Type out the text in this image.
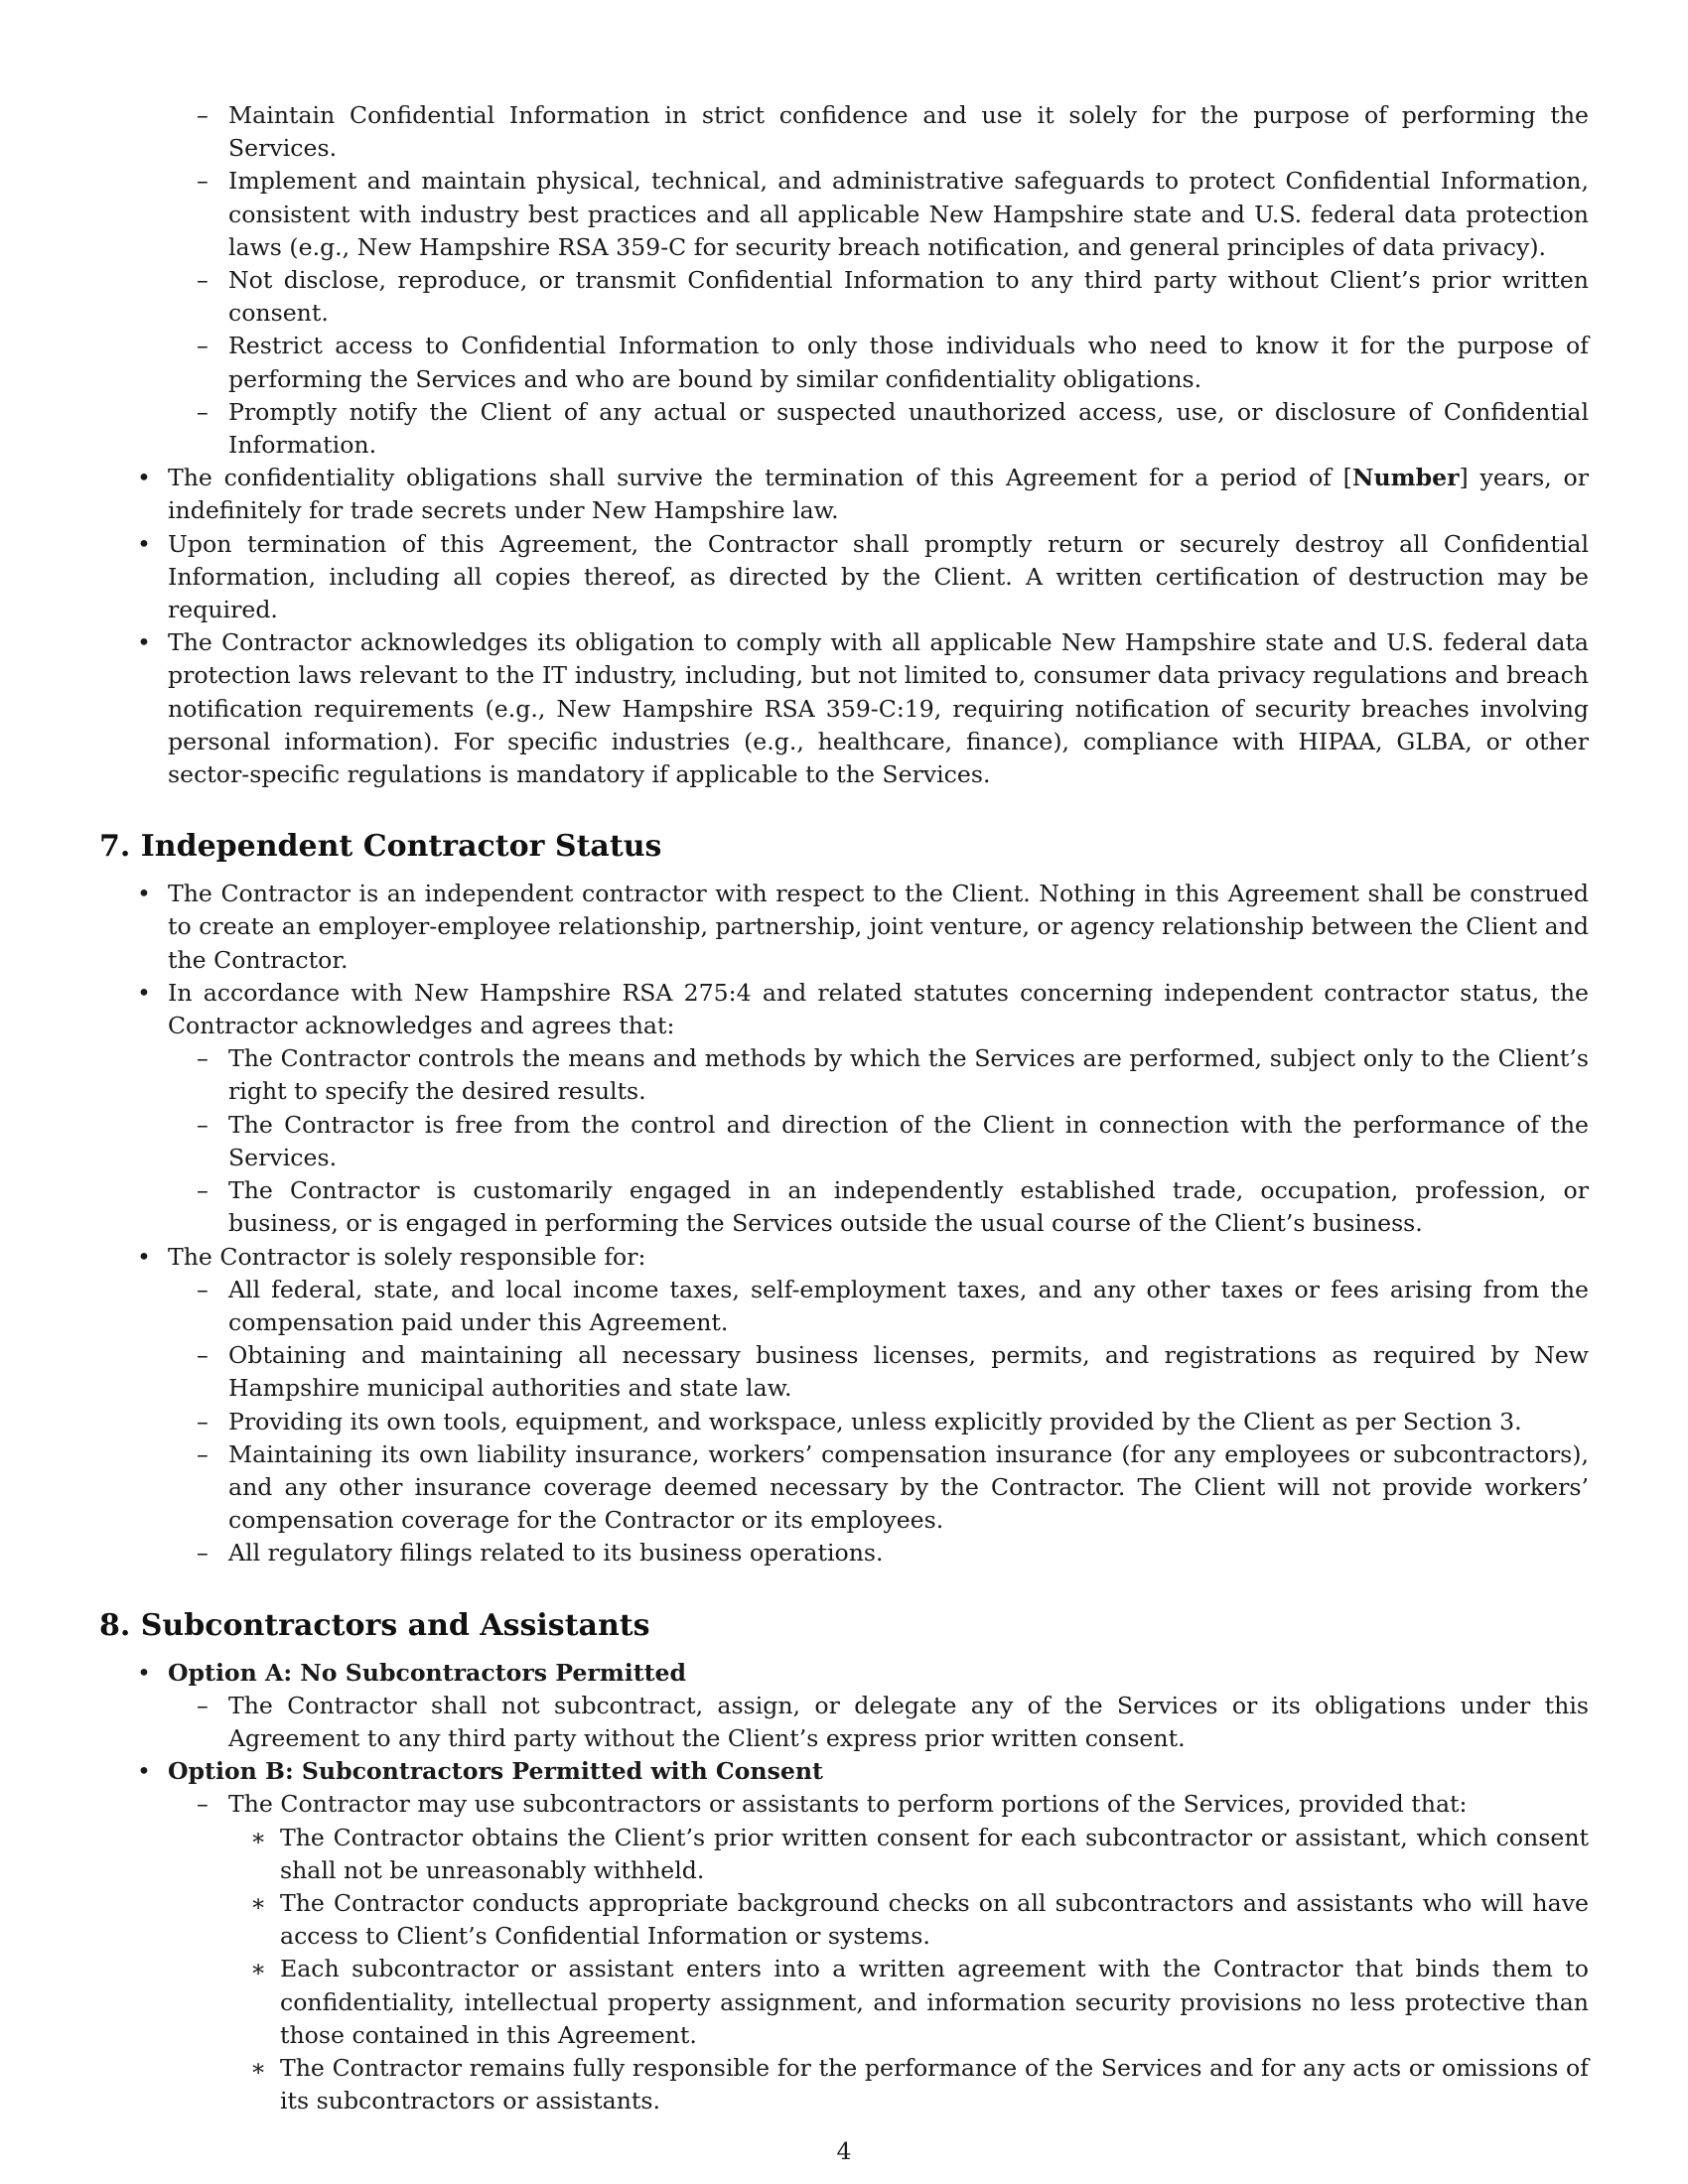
– Maintain Confidential Information in strict confidence and use it solely for the purpose of performing the Services.
– Implement and maintain physical, technical, and administrative safeguards to protect Confidential Information, consistent with industry best practices and all applicable New Hampshire state and U.S. federal data protection laws (e.g., New Hampshire RSA 359-C for security breach notification, and general principles of data privacy).
– Not disclose, reproduce, or transmit Confidential Information to any third party without Client’s prior written consent.
– Restrict access to Confidential Information to only those individuals who need to know it for the purpose of performing the Services and who are bound by similar confidentiality obligations.
– Promptly notify the Client of any actual or suspected unauthorized access, use, or disclosure of Confidential Information.
• The confidentiality obligations shall survive the termination of this Agreement for a period of [Number] years, or indefinitely for trade secrets under New Hampshire law.
• Upon termination of this Agreement, the Contractor shall promptly return or securely destroy all Confidential Information, including all copies thereof, as directed by the Client. A written certification of destruction may be required.
• The Contractor acknowledges its obligation to comply with all applicable New Hampshire state and U.S. federal data protection laws relevant to the IT industry, including, but not limited to, consumer data privacy regulations and breach notification requirements (e.g., New Hampshire RSA 359-C:19, requiring notification of security breaches involving personal information). For specific industries (e.g., healthcare, finance), compliance with HIPAA, GLBA, or other sector-specific regulations is mandatory if applicable to the Services.
7. Independent Contractor Status
• The Contractor is an independent contractor with respect to the Client. Nothing in this Agreement shall be construed to create an employer-employee relationship, partnership, joint venture, or agency relationship between the Client and the Contractor.
• In accordance with New Hampshire RSA 275:4 and related statutes concerning independent contractor status, the Contractor acknowledges and agrees that:
– The Contractor controls the means and methods by which the Services are performed, subject only to the Client’s right to specify the desired results.
– The Contractor is free from the control and direction of the Client in connection with the performance of the Services.
– The Contractor is customarily engaged in an independently established trade, occupation, profession, or business, or is engaged in performing the Services outside the usual course of the Client’s business.
• The Contractor is solely responsible for:
– All federal, state, and local income taxes, self-employment taxes, and any other taxes or fees arising from the compensation paid under this Agreement.
– Obtaining and maintaining all necessary business licenses, permits, and registrations as required by New Hampshire municipal authorities and state law.
– Providing its own tools, equipment, and workspace, unless explicitly provided by the Client as per Section 3.
– Maintaining its own liability insurance, workers’ compensation insurance (for any employees or subcontractors), and any other insurance coverage deemed necessary by the Contractor. The Client will not provide workers’ compensation coverage for the Contractor or its employees.
– All regulatory filings related to its business operations.
8. Subcontractors and Assistants
• Option A: No Subcontractors Permitted
– The Contractor shall not subcontract, assign, or delegate any of the Services or its obligations under this Agreement to any third party without the Client’s express prior written consent.
• Option B: Subcontractors Permitted with Consent
– The Contractor may use subcontractors or assistants to perform portions of the Services, provided that:
∗ The Contractor obtains the Client’s prior written consent for each subcontractor or assistant, which consent shall not be unreasonably withheld.
∗ The Contractor conducts appropriate background checks on all subcontractors and assistants who will have access to Client’s Confidential Information or systems.
∗ Each subcontractor or assistant enters into a written agreement with the Contractor that binds them to confidentiality, intellectual property assignment, and information security provisions no less protective than those contained in this Agreement.
∗ The Contractor remains fully responsible for the performance of the Services and for any acts or omissions of its subcontractors or assistants.
4
